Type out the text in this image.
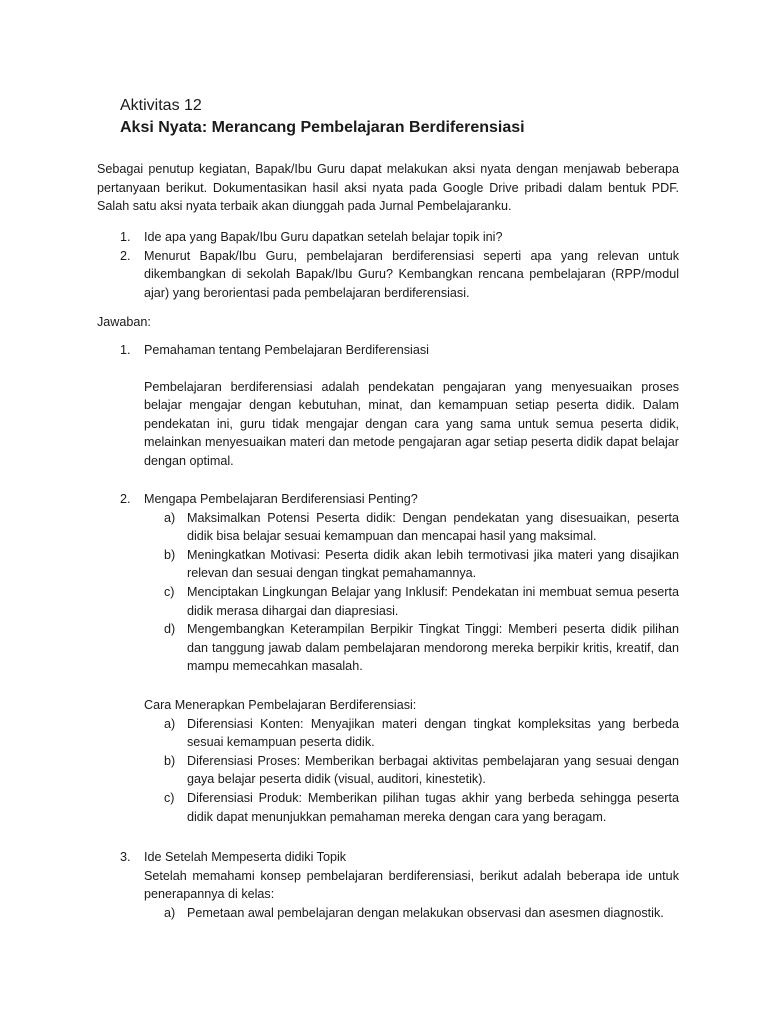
Aktivitas 12
Aksi Nyata: Merancang Pembelajaran Berdiferensiasi
Sebagai penutup kegiatan, Bapak/Ibu Guru dapat melakukan aksi nyata dengan menjawab beberapa pertanyaan berikut. Dokumentasikan hasil aksi nyata pada Google Drive pribadi dalam bentuk PDF. Salah satu aksi nyata terbaik akan diunggah pada Jurnal Pembelajaranku.
1.	Ide apa yang Bapak/Ibu Guru dapatkan setelah belajar topik ini?
2.	Menurut Bapak/Ibu Guru, pembelajaran berdiferensiasi seperti apa yang relevan untuk dikembangkan di sekolah Bapak/Ibu Guru? Kembangkan rencana pembelajaran (RPP/modul ajar) yang berorientasi pada pembelajaran berdiferensiasi.
Jawaban:
1.	Pemahaman tentang Pembelajaran Berdiferensiasi
Pembelajaran berdiferensiasi adalah pendekatan pengajaran yang menyesuaikan proses belajar mengajar dengan kebutuhan, minat, dan kemampuan setiap peserta didik. Dalam pendekatan ini, guru tidak mengajar dengan cara yang sama untuk semua peserta didik, melainkan menyesuaikan materi dan metode pengajaran agar setiap peserta didik dapat belajar dengan optimal.
2.	Mengapa Pembelajaran Berdiferensiasi Penting?
a) Maksimalkan Potensi Peserta didik: Dengan pendekatan yang disesuaikan, peserta didik bisa belajar sesuai kemampuan dan mencapai hasil yang maksimal.
b) Meningkatkan Motivasi: Peserta didik akan lebih termotivasi jika materi yang disajikan relevan dan sesuai dengan tingkat pemahamannya.
c) Menciptakan Lingkungan Belajar yang Inklusif: Pendekatan ini membuat semua peserta didik merasa dihargai dan diapresiasi.
d) Mengembangkan Keterampilan Berpikir Tingkat Tinggi: Memberi peserta didik pilihan dan tanggung jawab dalam pembelajaran mendorong mereka berpikir kritis, kreatif, dan mampu memecahkan masalah.
Cara Menerapkan Pembelajaran Berdiferensiasi:
a) Diferensiasi Konten: Menyajikan materi dengan tingkat kompleksitas yang berbeda sesuai kemampuan peserta didik.
b) Diferensiasi Proses: Memberikan berbagai aktivitas pembelajaran yang sesuai dengan gaya belajar peserta didik (visual, auditori, kinestetik).
c) Diferensiasi Produk: Memberikan pilihan tugas akhir yang berbeda sehingga peserta didik dapat menunjukkan pemahaman mereka dengan cara yang beragam.
3.	Ide Setelah Mempeserta didiki Topik
Setelah memahami konsep pembelajaran berdiferensiasi, berikut adalah beberapa ide untuk penerapannya di kelas:
a) Pemetaan awal pembelajaran dengan melakukan observasi dan asesmen diagnostik.
